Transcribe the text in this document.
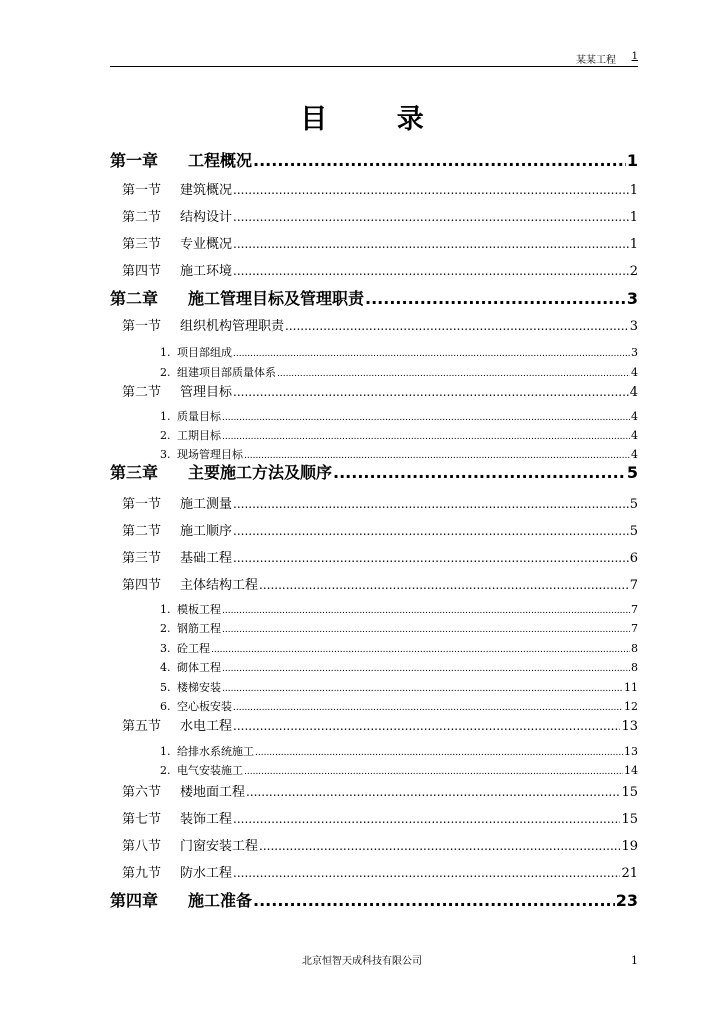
某某工程 1
目 录
第一章	工程概况 .....	1
第一节	建筑概况 .....	1
第二节	结构设计 .....	1
第三节	专业概况 .....	1
第四节	施工环境 .....	2
第二章	施工管理目标及管理职责 .....	3
第一节	组织机构管理职责 .....	3
1. 项目部组成 .....	3
2. 组建项目部质量体系 .....	4
第二节	管理目标 .....	4
1. 质量目标 .....	4
2. 工期目标 .....	4
3. 现场管理目标 .....	4
第三章	主要施工方法及顺序 .....	5
第一节	施工测量 .....	5
第二节	施工顺序 .....	5
第三节	基础工程 .....	6
第四节	主体结构工程 .....	7
1. 模板工程 .....	7
2. 钢筋工程 .....	7
3. 砼工程 .....	8
4. 砌体工程 .....	8
5. 楼梯安装 .....	11
6. 空心板安装 .....	12
第五节	水电工程 .....	13
1. 给排水系统施工 .....	13
2. 电气安装施工 .....	14
第六节	楼地面工程 .....	15
第七节	装饰工程 .....	15
第八节	门窗安装工程 .....	19
第九节	防水工程 .....	21
第四章	施工准备 .....	23
北京恒智天成科技有限公司	1
